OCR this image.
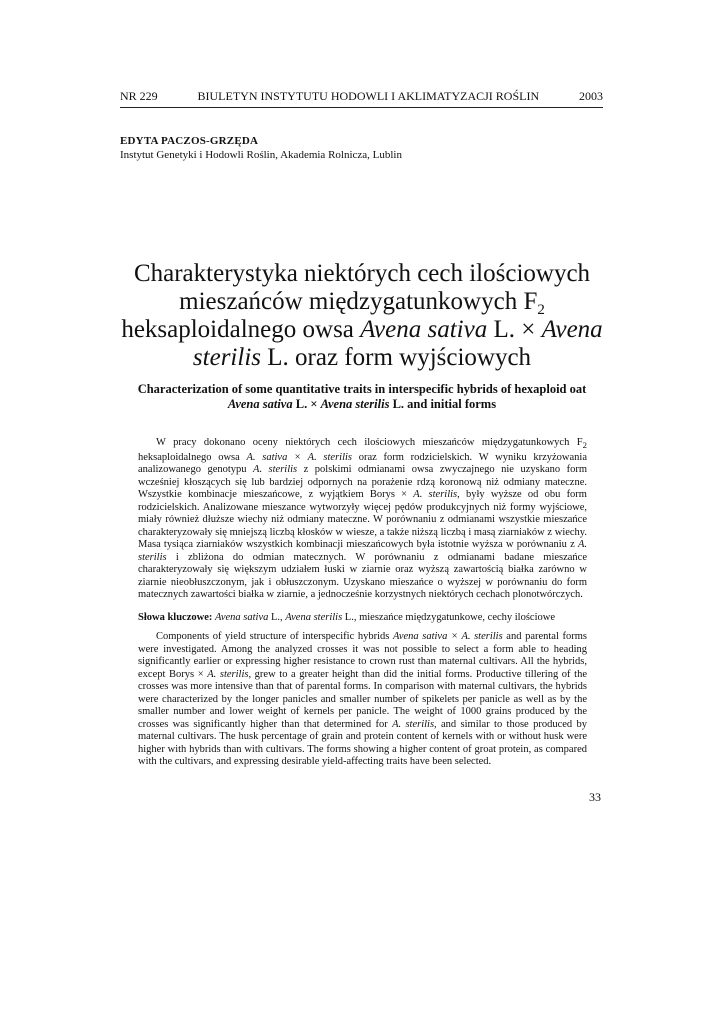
NR 229	BIULETYN INSTYTUTU HODOWLI I AKLIMATYZACJI ROŚLIN	2003
EDYTA PACZOS-GRZĘDA
Instytut Genetyki i Hodowli Roślin, Akademia Rolnicza, Lublin
Charakterystyka niektórych cech ilościowych
mieszańców międzygatunkowych $F_2$
heksaploidalnego owsa Avena sativa L. × Avena
sterilis L. oraz form wyjściowych
Characterization of some quantitative traits in interspecific hybrids of hexaploid oat
Avena sativa L. × Avena sterilis L. and initial forms

W pracy dokonano oceny niektórych cech ilościowych mieszańców międzygatunkowych $F_2$ heksaploidalnego owsa A. sativa × A. sterilis oraz form rodzicielskich. W wyniku krzyżowania analizowanego genotypu A. sterilis z polskimi odmianami owsa zwyczajnego nie uzyskano form wcześniej kłoszących się lub bardziej odpornych na porażenie rdzą koronową niż odmiany mateczne. Wszystkie kombinacje mieszańcowe, z wyjątkiem Borys × A. sterilis, były wyższe od obu form rodzicielskich. Analizowane mieszance wytworzyły więcej pędów produkcyjnych niż formy wyjściowe, miały również dłuższe wiechy niż odmiany mateczne. W porównaniu z odmianami wszystkie mieszańce charakteryzowały się mniejszą liczbą kłosków w wiesze, a także niższą liczbą i masą ziarniaków z wiechy. Masa tysiąca ziarniaków wszystkich kombinacji mieszańcowych była istotnie wyższa w porównaniu z A. sterilis i zbliżona do odmian matecznych. W porównaniu z odmianami badane mieszańce charakteryzowały się większym udziałem łuski w ziarnie oraz wyższą zawartością białka zarówno w ziarnie nieobłuszczonym, jak i obłuszczonym. Uzyskano mieszańce o wyższej w porównaniu do form matecznych zawartości białka w ziarnie, a jednocześnie korzystnych niektórych cechach plonotwórczych.

Słowa kluczowe: Avena sativa L., Avena sterilis L., mieszańce międzygatunkowe, cechy ilościowe

Components of yield structure of interspecific hybrids Avena sativa × A. sterilis and parental forms were investigated. Among the analyzed crosses it was not possible to select a form able to heading significantly earlier or expressing higher resistance to crown rust than maternal cultivars. All the hybrids, except Borys × A. sterilis, grew to a greater height than did the initial forms. Productive tillering of the crosses was more intensive than that of parental forms. In comparison with maternal cultivars, the hybrids were characterized by the longer panicles and smaller number of spikelets per panicle as well as by the smaller number and lower weight of kernels per panicle. The weight of 1000 grains produced by the crosses was significantly higher than that determined for A. sterilis, and similar to those produced by maternal cultivars. The husk percentage of grain and protein content of kernels with or without husk were higher with hybrids than with cultivars. The forms showing a higher content of groat protein, as compared with the cultivars, and expressing desirable yield-affecting traits have been selected.

33
